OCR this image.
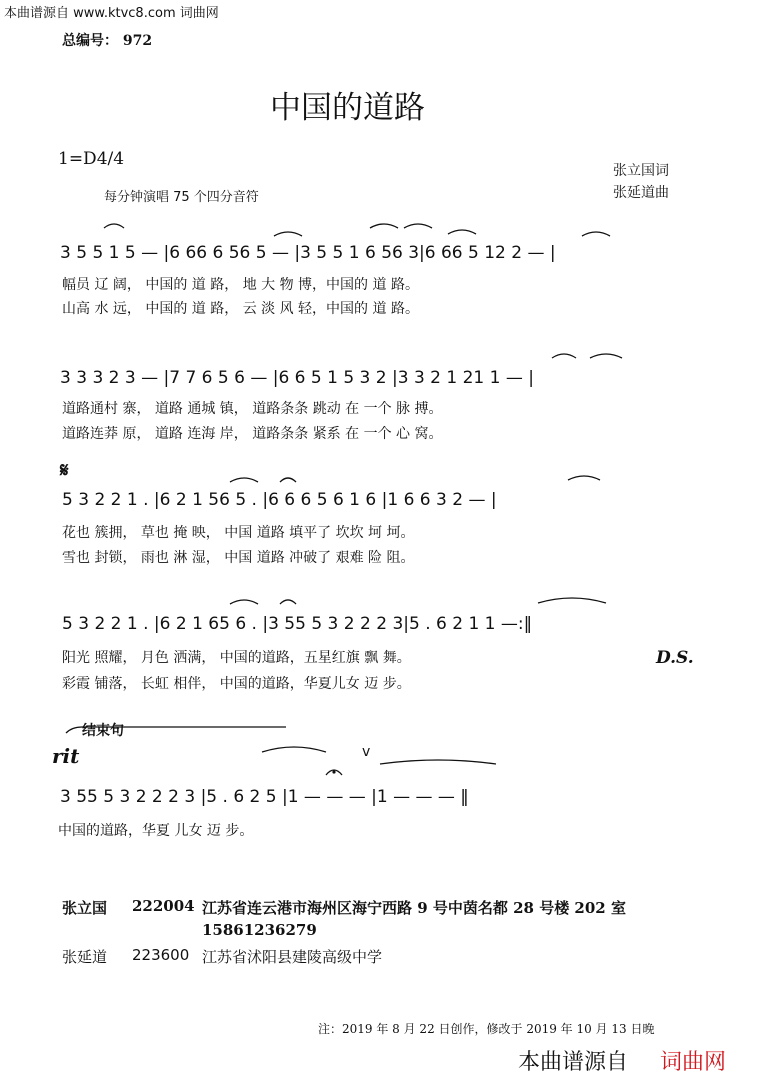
本曲谱源自 www.ktvc8.com 词曲网
总编号： 972
中国的道路
1=D4/4
张立国词
张延道曲
每分钟演唱 75 个四分音符
3 5 5 1 5 — |6 66 6 56 5 — |3 5 5 1 6 56 3|6 66 5 12 2 — |
幅员 辽 阔， 中国的 道 路， 地 大 物 博，中国的 道 路。
山高 水 远， 中国的 道 路， 云 淡 风 轻，中国的 道 路。
3 3 3 2 3 — |7 7 6 5 6 — |6 6 5 1 5 3 2 |3 3 2 1 21 1 — |
道路通村 寨， 道路 通城 镇， 道路条条 跳动 在 一个 脉 搏。
道路连莽 原， 道路 连海 岸， 道路条条 紧系 在 一个 心 窝。
𝄋
5 3 2 2 1 . |6 2 1 56 5 . |6 6 6 5 6 1 6 |1 6 6 3 2 — |
花也 簇拥， 草也 掩 映， 中国 道路 填平了 坎坎 坷 坷。
雪也 封锁， 雨也 淋 湿， 中国 道路 冲破了 艰难 险 阻。
5 3 2 2 1 . |6 2 1 65 6 . |3 55 5 3 2 2 2 3|5 . 6 2 1 1 —:‖
阳光 照耀， 月色 洒满， 中国的道路，五星红旗 飘 舞。
彩霞 铺落， 长虹 相伴， 中国的道路，华夏儿女 迈 步。
D.S.
结束句
rit	v
3 55 5 3 2 2 2 3 |5 . 6 2 5 |1 — — — |1 — — — ‖
中国的道路，华夏 儿女 迈 步。
张立国 222004 江苏省连云港市海州区海宁西路 9 号中茵名都 28 号楼 202 室
15861236279
张延道 223600 江苏省沭阳县建陵高级中学
注：2019 年 8 月 22 日创作，修改于 2019 年 10 月 13 日晚
本曲谱源自 词曲网
